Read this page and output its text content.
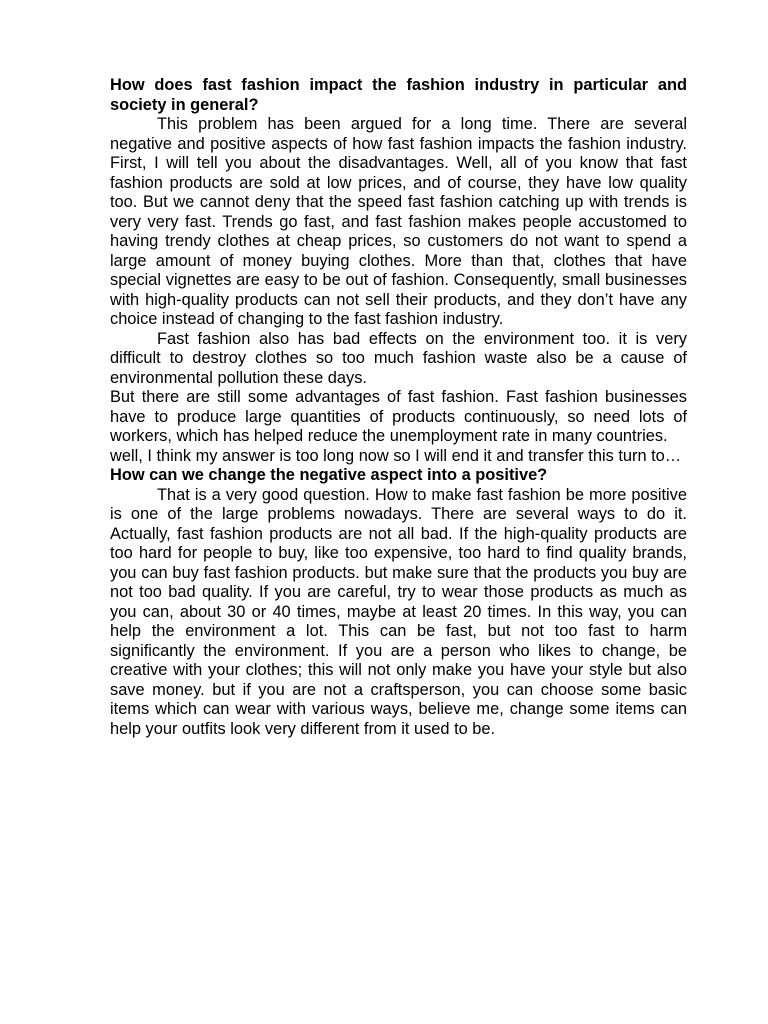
How does fast fashion impact the fashion industry in particular and society in general?

This problem has been argued for a long time. There are several negative and positive aspects of how fast fashion impacts the fashion industry. First, I will tell you about the disadvantages. Well, all of you know that fast fashion products are sold at low prices, and of course, they have low quality too. But we cannot deny that the speed fast fashion catching up with trends is very very fast. Trends go fast, and fast fashion makes people accustomed to having trendy clothes at cheap prices, so customers do not want to spend a large amount of money buying clothes. More than that, clothes that have special vignettes are easy to be out of fashion. Consequently, small businesses with high-quality products can not sell their products, and they don’t have any choice instead of changing to the fast fashion industry.

Fast fashion also has bad effects on the environment too. it is very difficult to destroy clothes so too much fashion waste also be a cause of environmental pollution these days.

But there are still some advantages of fast fashion. Fast fashion businesses have to produce large quantities of products continuously, so need lots of workers, which has helped reduce the unemployment rate in many countries.

well, I think my answer is too long now so I will end it and transfer this turn to…

How can we change the negative aspect into a positive?

That is a very good question. How to make fast fashion be more positive is one of the large problems nowadays. There are several ways to do it. Actually, fast fashion products are not all bad. If the high-quality products are too hard for people to buy, like too expensive, too hard to find quality brands, you can buy fast fashion products. but make sure that the products you buy are not too bad quality. If you are careful, try to wear those products as much as you can, about 30 or 40 times, maybe at least 20 times. In this way, you can help the environment a lot. This can be fast, but not too fast to harm significantly the environment. If you are a person who likes to change, be creative with your clothes; this will not only make you have your style but also save money. but if you are not a craftsperson, you can choose some basic items which can wear with various ways, believe me, change some items can help your outfits look very different from it used to be.
